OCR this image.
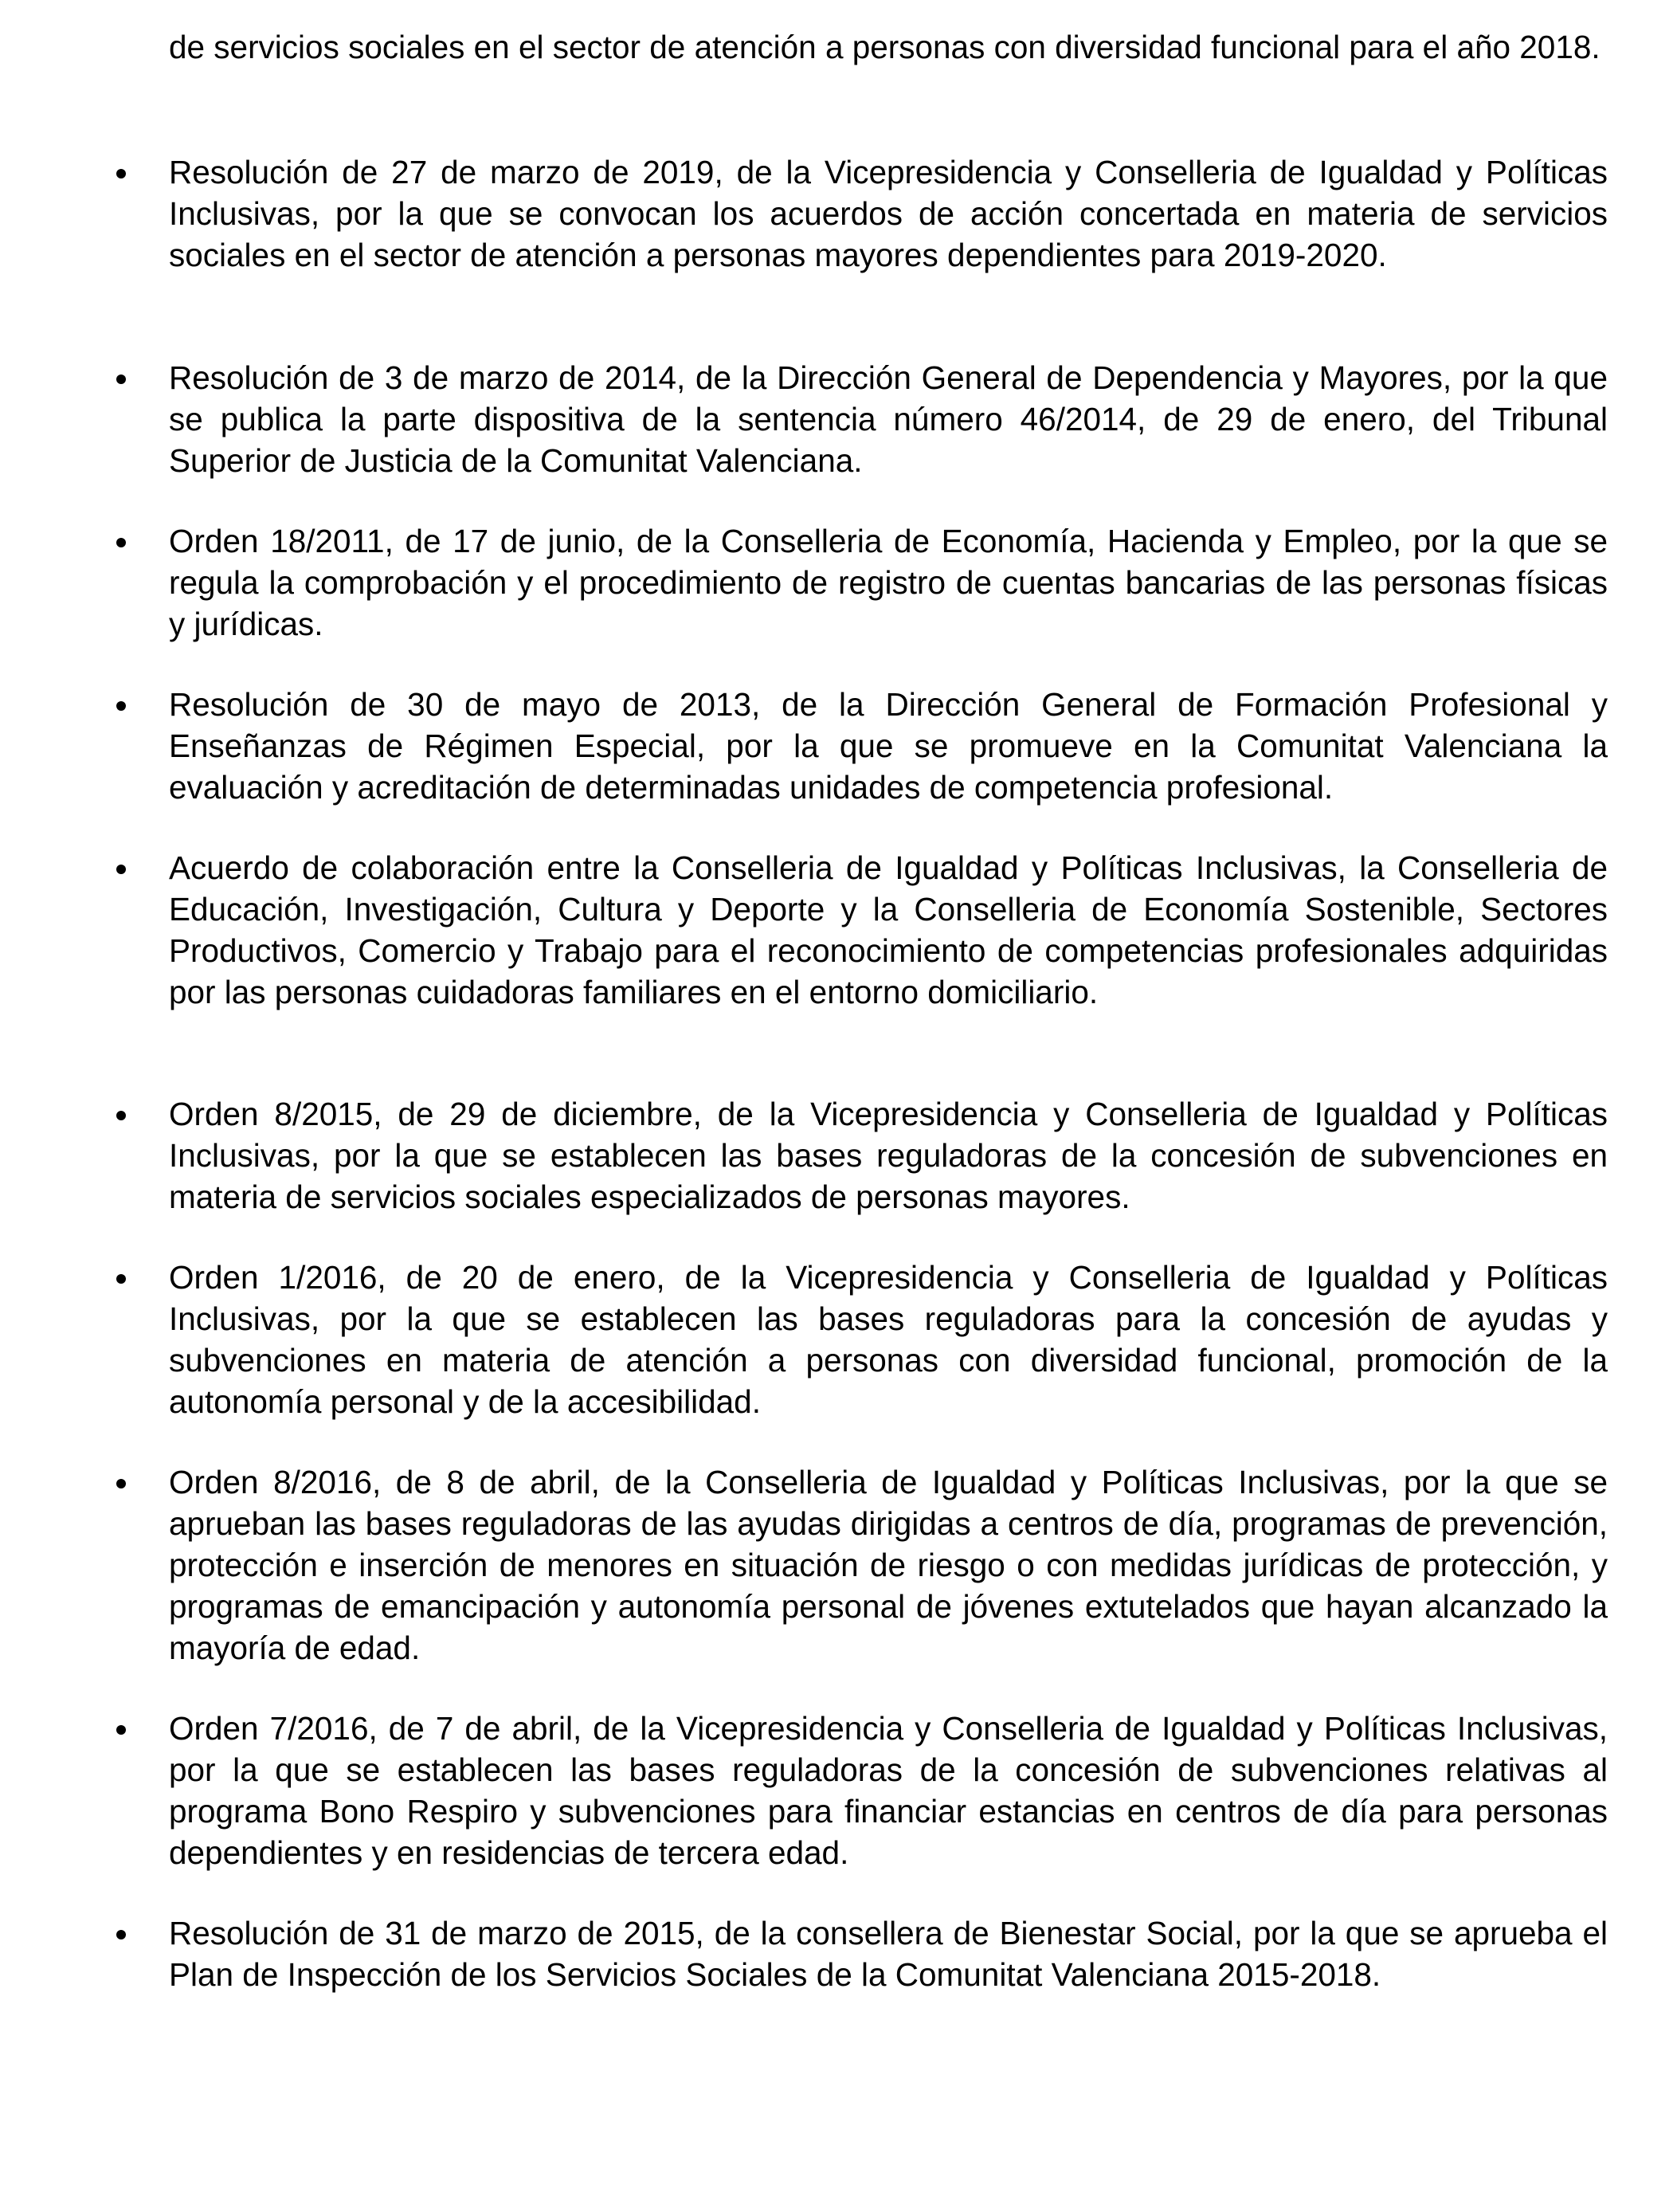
de servicios sociales en el sector de atención a personas con diversidad funcional para el año 2018.

Resolución de 27 de marzo de 2019, de la Vicepresidencia y Conselleria de Igualdad y Políticas Inclusivas, por la que se convocan los acuerdos de acción concertada en materia de servicios sociales en el sector de atención a personas mayores dependientes para 2019-2020.

Resolución de 3 de marzo de 2014, de la Dirección General de Dependencia y Mayores, por la que se publica la parte dispositiva de la sentencia número 46/2014, de 29 de enero, del Tribunal Superior de Justicia de la Comunitat Valenciana.

Orden 18/2011, de 17 de junio, de la Conselleria de Economía, Hacienda y Empleo, por la que se regula la comprobación y el procedimiento de registro de cuentas bancarias de las personas físicas y jurídicas.

Resolución de 30 de mayo de 2013, de la Dirección General de Formación Profesional y Enseñanzas de Régimen Especial, por la que se promueve en la Comunitat Valenciana la evaluación y acreditación de determinadas unidades de competencia profesional.

Acuerdo de colaboración entre la Conselleria de Igualdad y Políticas Inclusivas, la Conselleria de Educación, Investigación, Cultura y Deporte y la Conselleria de Economía Sostenible, Sectores Productivos, Comercio y Trabajo para el reconocimiento de competencias profesionales adquiridas por las personas cuidadoras familiares en el entorno domiciliario.

Orden 8/2015, de 29 de diciembre, de la Vicepresidencia y Conselleria de Igualdad y Políticas Inclusivas, por la que se establecen las bases reguladoras de la concesión de subvenciones en materia de servicios sociales especializados de personas mayores.

Orden 1/2016, de 20 de enero, de la Vicepresidencia y Conselleria de Igualdad y Políticas Inclusivas, por la que se establecen las bases reguladoras para la concesión de ayudas y subvenciones en materia de atención a personas con diversidad funcional, promoción de la autonomía personal y de la accesibilidad.

Orden 8/2016, de 8 de abril, de la Conselleria de Igualdad y Políticas Inclusivas, por la que se aprueban las bases reguladoras de las ayudas dirigidas a centros de día, programas de prevención, protección e inserción de menores en situación de riesgo o con medidas jurídicas de protección, y programas de emancipación y autonomía personal de jóvenes extutelados que hayan alcanzado la mayoría de edad.

Orden 7/2016, de 7 de abril, de la Vicepresidencia y Conselleria de Igualdad y Políticas Inclusivas, por la que se establecen las bases reguladoras de la concesión de subvenciones relativas al programa Bono Respiro y subvenciones para financiar estancias en centros de día para personas dependientes y en residencias de tercera edad.

Resolución de 31 de marzo de 2015, de la consellera de Bienestar Social, por la que se aprueba el Plan de Inspección de los Servicios Sociales de la Comunitat Valenciana 2015-2018.
